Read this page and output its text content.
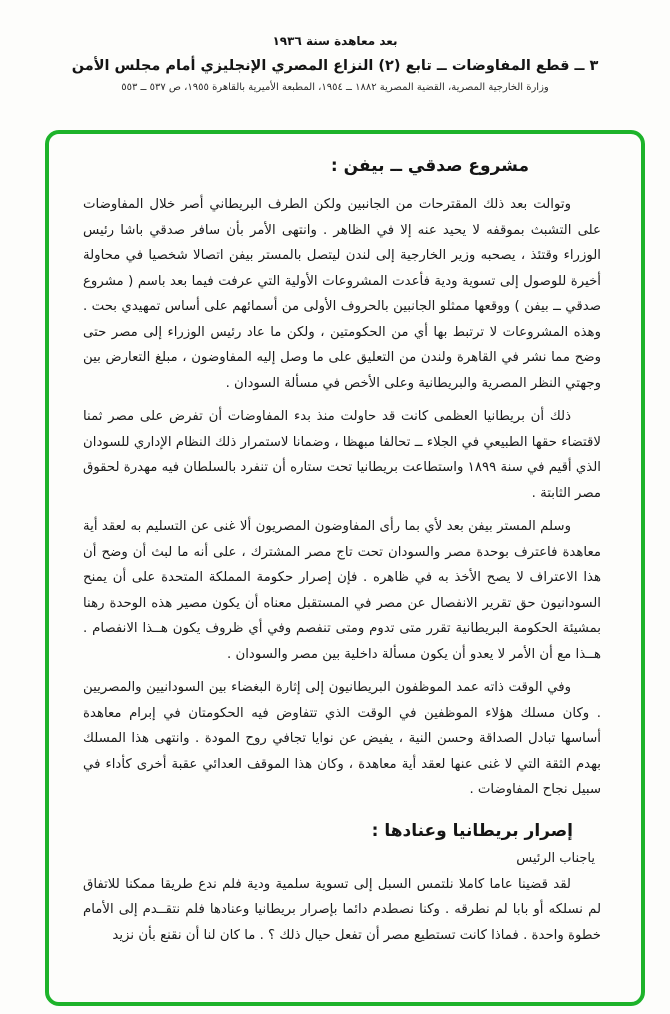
بعد معاهدة سنة ١٩٣٦
٣ ــ قطع المفاوضات ــ تابع (٢) النزاع المصري الإنجليزي أمام مجلس الأمن
وزارة الخارجية المصرية، القضية المصرية ١٨٨٢ ــ ١٩٥٤، المطبعة الأميرية بالقاهرة ١٩٥٥، ص ٥٣٧ ــ ٥٥٣
مشروع صدقي ــ بيفن :

وتوالت بعد ذلك المقترحات من الجانبين ولكن الطرف البريطاني أصر خلال المفاوضات على التشبث بموقفه لا يحيد عنه إلا في الظاهر . وانتهى الأمر بأن سافر صدقي باشا رئيس الوزراء وقتئذ ، يصحبه وزير الخارجية إلى لندن ليتصل بالمستر بيفن اتصالا شخصيا في محاولة أخيرة للوصول إلى تسوية ودية فأعدت المشروعات الأولية التي عرفت فيما بعد باسم ( مشروع صدقي ــ بيفن ) ووقعها ممثلو الجانبين بالحروف الأولى من أسمائهم على أساس تمهيدي بحت . وهذه المشروعات لا ترتبط بها أي من الحكومتين ، ولكن ما عاد رئيس الوزراء إلى مصر حتى وضح مما نشر في القاهرة ولندن من التعليق على ما وصل إليه المفاوضون ، مبلغ التعارض بين وجهتي النظر المصرية والبريطانية وعلى الأخص في مسألة السودان .

ذلك أن بريطانيا العظمى كانت قد حاولت منذ بدء المفاوضات أن تفرض على مصر ثمنا لاقتضاء حقها الطبيعي في الجلاء ــ تحالفا مبهظا ، وضمانا لاستمرار ذلك النظام الإداري للسودان الذي أقيم في سنة ١٨٩٩ واستطاعت بريطانيا تحت ستاره أن تنفرد بالسلطان فيه مهدرة لحقوق مصر الثابتة .

وسلم المستر بيفن بعد لأي بما رأى المفاوضون المصريون ألا غنى عن التسليم به لعقد أية معاهدة فاعترف بوحدة مصر والسودان تحت تاج مصر المشترك ، على أنه ما لبث أن وضح أن هذا الاعتراف لا يصح الأخذ به في ظاهره . فإن إصرار حكومة المملكة المتحدة على أن يمنح السودانيون حق تقرير الانفصال عن مصر في المستقبل معناه أن يكون مصير هذه الوحدة رهنا بمشيئة الحكومة البريطانية تقرر متى تدوم ومتى تنفصم وفي أي ظروف يكون هــذا الانفصام . هــذا مع أن الأمر لا يعدو أن يكون مسألة داخلية بين مصر والسودان .

وفي الوقت ذاته عمد الموظفون البريطانيون إلى إثارة البغضاء بين السودانيين والمصريين . وكان مسلك هؤلاء الموظفين في الوقت الذي تتفاوض فيه الحكومتان في إبرام معاهدة أساسها تبادل الصداقة وحسن النية ، يفيض عن نوايا تجافي روح المودة . وانتهى هذا المسلك بهدم الثقة التي لا غنى عنها لعقد أية معاهدة ، وكان هذا الموقف العدائي عقبة أخرى كأداء في سبيل نجاح المفاوضات .

إصرار بريطانيا وعنادها :
ياجناب الرئيس

لقد قضينا عاما كاملا نلتمس السبل إلى تسوية سلمية ودية فلم ندع طريقا ممكنا للاتفاق لم نسلكه أو بابا لم نطرقه . وكنا نصطدم دائما بإصرار بريطانيا وعنادها فلم نتقــدم إلى الأمام خطوة واحدة . فماذا كانت تستطيع مصر أن تفعل حيال ذلك ؟ . ما كان لنا أن نقنع بأن نزيد
